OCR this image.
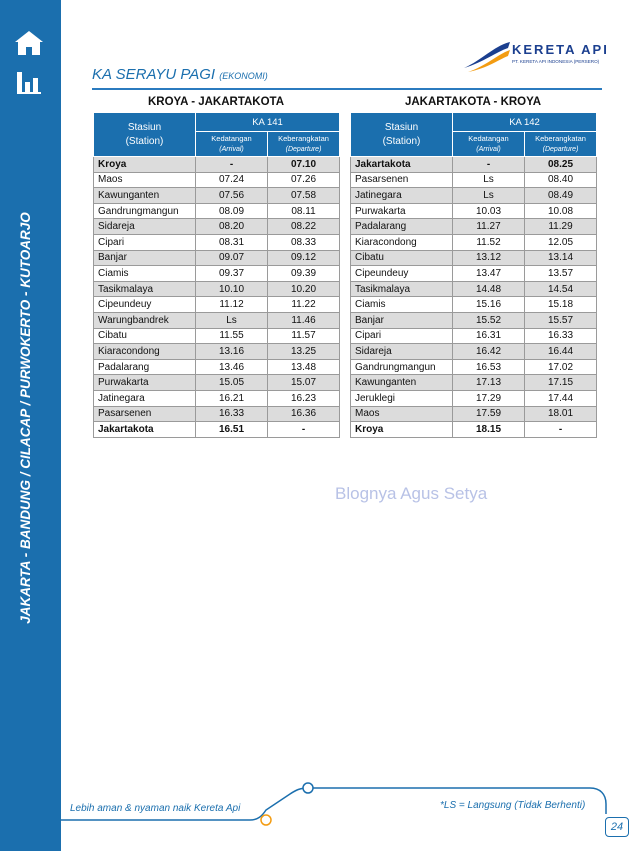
JAKARTA - BANDUNG / CILACAP / PURWOKERTO - KUTOARJO
KERETA API
PT. KERETA API INDONESIA (PERSERO)
KA SERAYU PAGI (EKONOMI)
KROYA - JAKARTAKOTA	JAKARTAKOTA - KROYA
Stasiun
(Station)	KA 141	
	Kedatangan
(Arrival)	Keberangkatan
(Departure)
Kroya	-	07.10
Maos	07.24	07.26
Kawunganten	07.56	07.58
Gandrungmangun	08.09	08.11
Sidareja	08.20	08.22
Cipari	08.31	08.33
Banjar	09.07	09.12
Ciamis	09.37	09.39
Tasikmalaya	10.10	10.20
Cipeundeuy	11.12	11.22
Warungbandrek	Ls	11.46
Cibatu	11.55	11.57
Kiaracondong	13.16	13.25
Padalarang	13.46	13.48
Purwakarta	15.05	15.07
Jatinegara	16.21	16.23
Pasarsenen	16.33	16.36
Jakartakota	16.51	-
Stasiun
(Station)	KA 142	
	Kedatangan
(Arrival)	Keberangkatan
(Departure)
Jakartakota	-	08.25
Pasarsenen	Ls	08.40
Jatinegara	Ls	08.49
Purwakarta	10.03	10.08
Padalarang	11.27	11.29
Kiaracondong	11.52	12.05
Cibatu	13.12	13.14
Cipeundeuy	13.47	13.57
Tasikmalaya	14.48	14.54
Ciamis	15.16	15.18
Banjar	15.52	15.57
Cipari	16.31	16.33
Sidareja	16.42	16.44
Gandrungmangun	16.53	17.02
Kawunganten	17.13	17.15
Jeruklegi	17.29	17.44
Maos	17.59	18.01
Kroya	18.15	-
Blognya Agus Setya
Lebih aman & nyaman naik Kereta Api	*LS = Langsung (Tidak Berhenti)
24
